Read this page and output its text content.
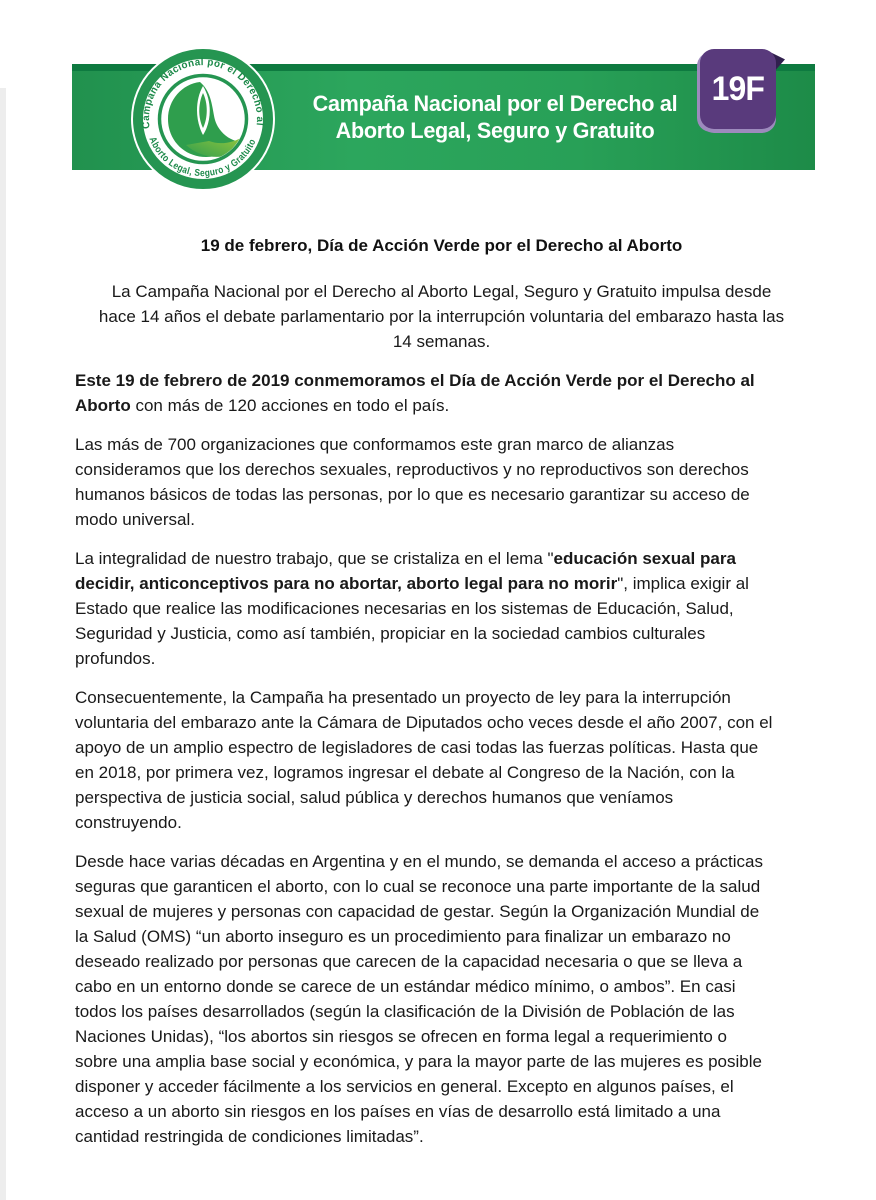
Campaña Nacional por el Derecho al
Aborto Legal, Seguro y Gratuito
19F
Campaña Nacional por el Derecho al
Aborto Legal, Seguro y Gratuito
19 de febrero, Día de Acción Verde por el Derecho al Aborto

La Campaña Nacional por el Derecho al Aborto Legal, Seguro y Gratuito impulsa desde
hace 14 años el debate parlamentario por la interrupción voluntaria del embarazo hasta las
14 semanas.

Este 19 de febrero de 2019 conmemoramos el Día de Acción Verde por el Derecho al
Aborto con más de 120 acciones en todo el país.

Las más de 700 organizaciones que conformamos este gran marco de alianzas
consideramos que los derechos sexuales, reproductivos y no reproductivos son derechos
humanos básicos de todas las personas, por lo que es necesario garantizar su acceso de
modo universal.

La integralidad de nuestro trabajo, que se cristaliza en el lema "educación sexual para
decidir, anticonceptivos para no abortar, aborto legal para no morir", implica exigir al
Estado que realice las modificaciones necesarias en los sistemas de Educación, Salud,
Seguridad y Justicia, como así también, propiciar en la sociedad cambios culturales
profundos.

Consecuentemente, la Campaña ha presentado un proyecto de ley para la interrupción
voluntaria del embarazo ante la Cámara de Diputados ocho veces desde el año 2007, con el
apoyo de un amplio espectro de legisladores de casi todas las fuerzas políticas. Hasta que
en 2018, por primera vez, logramos ingresar el debate al Congreso de la Nación, con la
perspectiva de justicia social, salud pública y derechos humanos que veníamos
construyendo.

Desde hace varias décadas en Argentina y en el mundo, se demanda el acceso a prácticas
seguras que garanticen el aborto, con lo cual se reconoce una parte importante de la salud
sexual de mujeres y personas con capacidad de gestar. Según la Organización Mundial de
la Salud (OMS) “un aborto inseguro es un procedimiento para finalizar un embarazo no
deseado realizado por personas que carecen de la capacidad necesaria o que se lleva a
cabo en un entorno donde se carece de un estándar médico mínimo, o ambos”. En casi
todos los países desarrollados (según la clasificación de la División de Población de las
Naciones Unidas), “los abortos sin riesgos se ofrecen en forma legal a requerimiento o
sobre una amplia base social y económica, y para la mayor parte de las mujeres es posible
disponer y acceder fácilmente a los servicios en general. Excepto en algunos países, el
acceso a un aborto sin riesgos en los países en vías de desarrollo está limitado a una
cantidad restringida de condiciones limitadas”.
